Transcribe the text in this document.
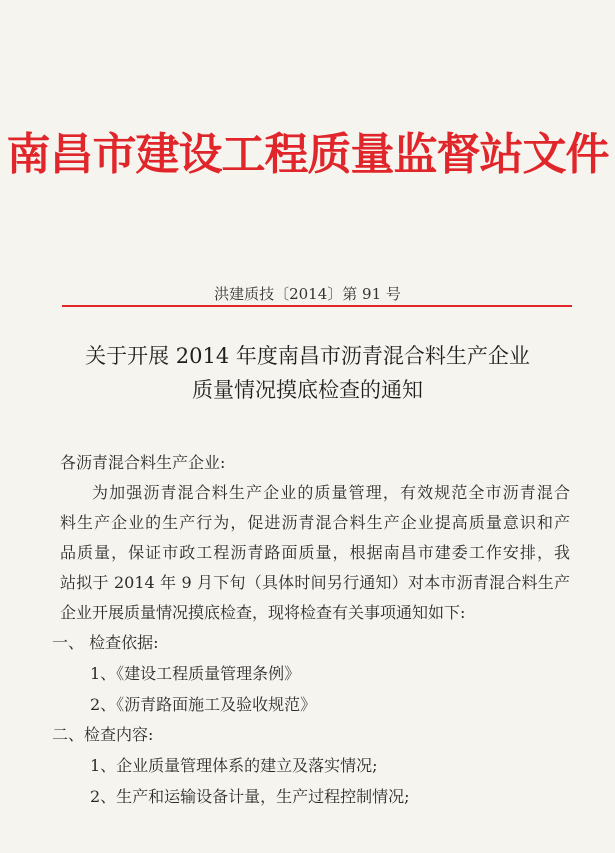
南昌市建设工程质量监督站文件
洪建质技〔2014〕第 91 号
关于开展 2014 年度南昌市沥青混合料生产企业
质量情况摸底检查的通知
各沥青混合料生产企业:
为加强沥青混合料生产企业的质量管理，有效规范全市沥青混合
料生产企业的生产行为，促进沥青混合料生产企业提高质量意识和产
品质量，保证市政工程沥青路面质量，根据南昌市建委工作安排，我
站拟于 2014 年 9 月下旬（具体时间另行通知）对本市沥青混合料生产
企业开展质量情况摸底检查，现将检查有关事项通知如下:
一、 检查依据:
1、《建设工程质量管理条例》
2、《沥青路面施工及验收规范》
二、检查内容:
1、企业质量管理体系的建立及落实情况;
2、生产和运输设备计量，生产过程控制情况;
